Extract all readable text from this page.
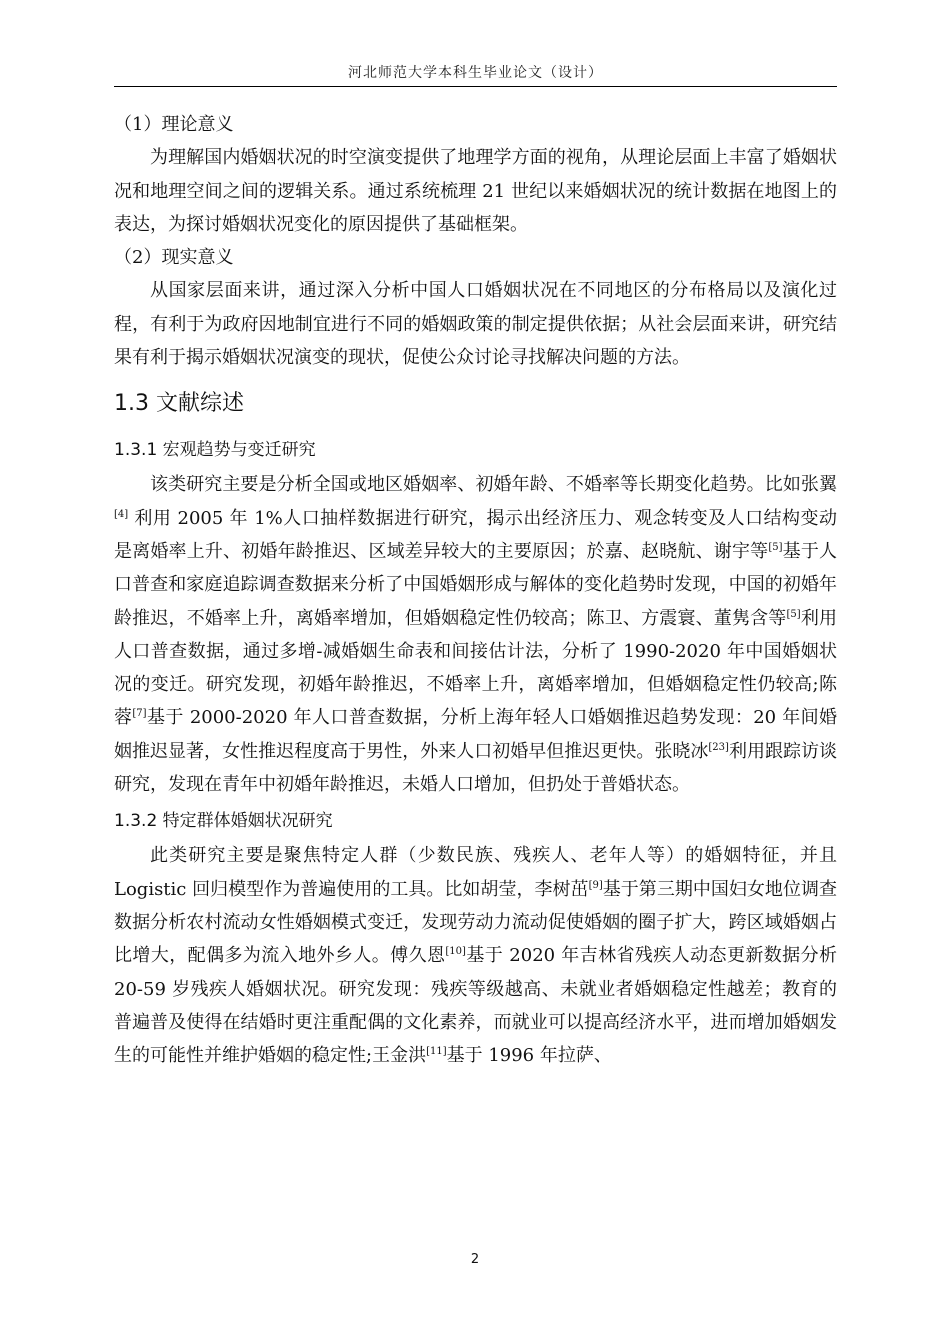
河北师范大学本科生毕业论文（设计）

（1）理论意义

为理解国内婚姻状况的时空演变提供了地理学方面的视角，从理论层面上丰富了婚姻状况和地理空间之间的逻辑关系。通过系统梳理 21 世纪以来婚姻状况的统计数据在地图上的表达，为探讨婚姻状况变化的原因提供了基础框架。

（2）现实意义

从国家层面来讲，通过深入分析中国人口婚姻状况在不同地区的分布格局以及演化过程，有利于为政府因地制宜进行不同的婚姻政策的制定提供依据；从社会层面来讲，研究结果有利于揭示婚姻状况演变的现状，促使公众讨论寻找解决问题的方法。

1.3 文献综述
1.3.1 宏观趋势与变迁研究

该类研究主要是分析全国或地区婚姻率、初婚年龄、不婚率等长期变化趋势。比如张翼[4] 利用 2005 年 1%人口抽样数据进行研究，揭示出经济压力、观念转变及人口结构变动是离婚率上升、初婚年龄推迟、区域差异较大的主要原因；於嘉、赵晓航、谢宇等[5]基于人口普查和家庭追踪调查数据来分析了中国婚姻形成与解体的变化趋势时发现，中国的初婚年龄推迟，不婚率上升，离婚率增加，但婚姻稳定性仍较高；陈卫、方震寰、董隽含等[5]利用人口普查数据，通过多增-减婚姻生命表和间接估计法，分析了 1990-2020 年中国婚姻状况的变迁。研究发现，初婚年龄推迟，不婚率上升，离婚率增加，但婚姻稳定性仍较高;陈蓉[7]基于 2000-2020 年人口普查数据，分析上海年轻人口婚姻推迟趋势发现：20 年间婚姻推迟显著，女性推迟程度高于男性，外来人口初婚早但推迟更快。张晓冰[23]利用跟踪访谈研究，发现在青年中初婚年龄推迟，未婚人口增加，但扔处于普婚状态。

1.3.2 特定群体婚姻状况研究

此类研究主要是聚焦特定人群（少数民族、残疾人、老年人等）的婚姻特征，并且 Logistic 回归模型作为普遍使用的工具。比如胡莹，李树茁[9]基于第三期中国妇女地位调查数据分析农村流动女性婚姻模式变迁，发现劳动力流动促使婚姻的圈子扩大，跨区域婚姻占比增大，配偶多为流入地外乡人。傅久恩[10]基于 2020 年吉林省残疾人动态更新数据分析 20-59 岁残疾人婚姻状况。研究发现：残疾等级越高、未就业者婚姻稳定性越差；教育的普遍普及使得在结婚时更注重配偶的文化素养，而就业可以提高经济水平，进而增加婚姻发生的可能性并维护婚姻的稳定性;王金洪[11]基于 1996 年拉萨、

2
